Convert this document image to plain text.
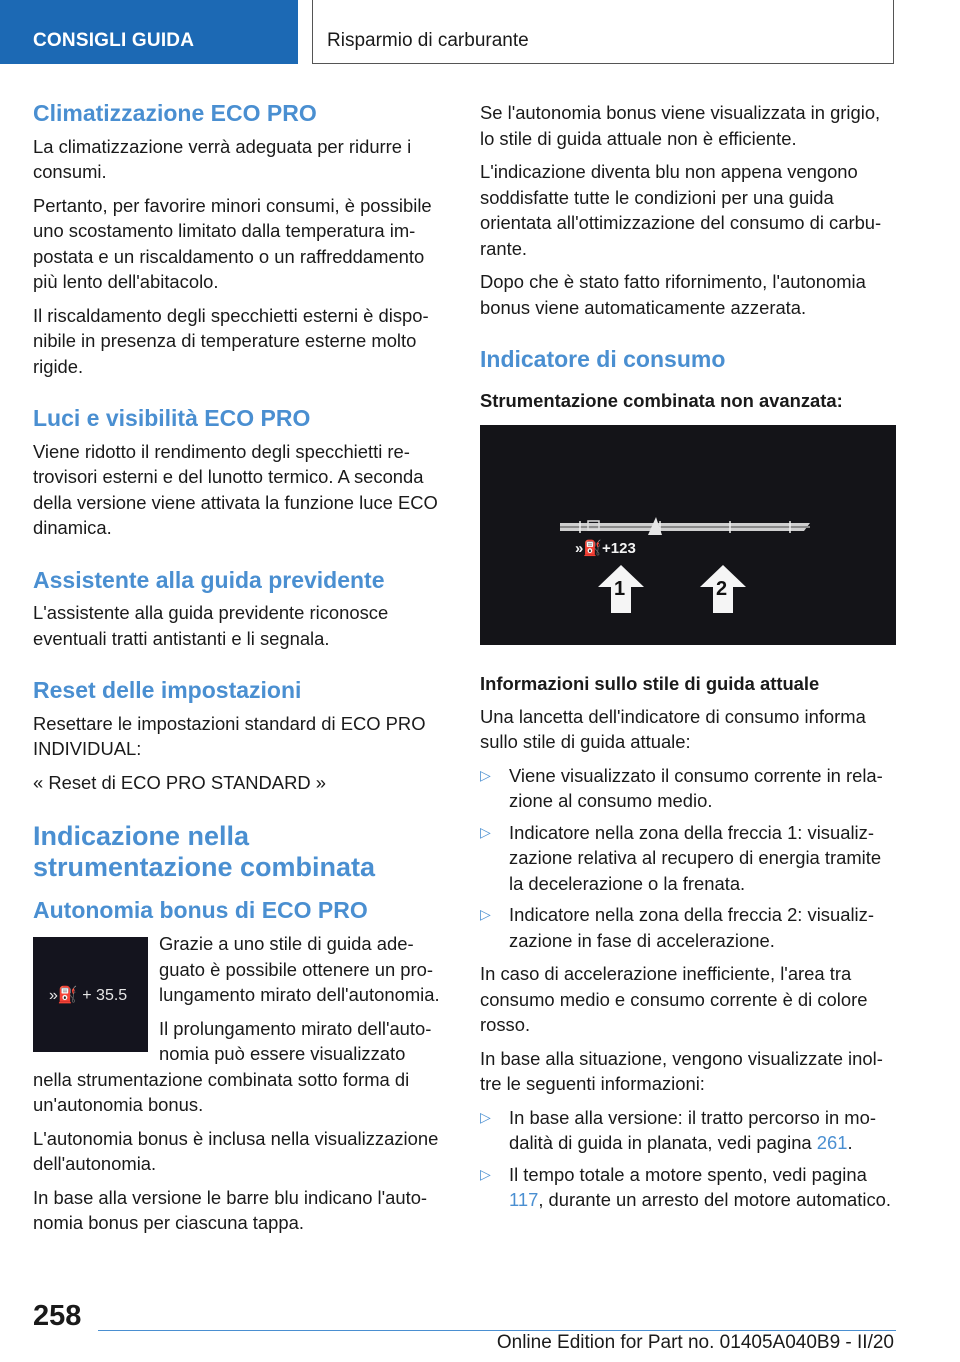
CONSIGLI GUIDA	Risparmio di carburante
Climatizzazione ECO PRO

La climatizzazione verrà adeguata per ridurre i consumi.

Pertanto, per favorire minori consumi, è possibile uno scostamento limitato dalla temperatura impostata e un riscaldamento o un raffreddamento più lento dell'abitacolo.

Il riscaldamento degli specchietti esterni è disponibile in presenza di temperature esterne molto rigide.

Luci e visibilità ECO PRO

Viene ridotto il rendimento degli specchietti retrovisori esterni e del lunotto termico. A seconda della versione viene attivata la funzione luce ECO dinamica.

Assistente alla guida previdente

L'assistente alla guida previdente riconosce eventuali tratti antistanti e li segnala.

Reset delle impostazioni

Resettare le impostazioni standard di ECO PRO INDIVIDUAL:

« Reset di ECO PRO STANDARD »

Indicazione nella strumentazione combinata
Autonomia bonus di ECO PRO
»⛽ + 35.5

Grazie a uno stile di guida adeguato è possibile ottenere un prolungamento mirato dell'autonomia.

Il prolungamento mirato dell'autonomia può essere visualizzato nella strumentazione combinata sotto forma di un'autonomia bonus.

L'autonomia bonus è inclusa nella visualizzazione dell'autonomia.

In base alla versione le barre blu indicano l'autonomia bonus per ciascuna tappa.

Se l'autonomia bonus viene visualizzata in grigio, lo stile di guida attuale non è efficiente.

L'indicazione diventa blu non appena vengono soddisfatte tutte le condizioni per una guida orientata all'ottimizzazione del consumo di carburante.

Dopo che è stato fatto rifornimento, l'autonomia bonus viene automaticamente azzerata.

Indicatore di consumo
Strumentazione combinata non avanzata:
»⛽+123
1	2
Informazioni sullo stile di guida attuale

Una lancetta dell'indicatore di consumo informa sullo stile di guida attuale:

▷ Viene visualizzato il consumo corrente in relazione al consumo medio.
▷ Indicatore nella zona della freccia 1: visualizzazione relativa al recupero di energia tramite la decelerazione o la frenata.
▷ Indicatore nella zona della freccia 2: visualizzazione in fase di accelerazione.

In caso di accelerazione inefficiente, l'area tra consumo medio e consumo corrente è di colore rosso.

In base alla situazione, vengono visualizzate inoltre le seguenti informazioni:

▷ In base alla versione: il tratto percorso in modalità di guida in planata, vedi pagina 261.
▷ Il tempo totale a motore spento, vedi pagina 117, durante un arresto del motore automatico.
258
Online Edition for Part no. 01405A040B9 - II/20
